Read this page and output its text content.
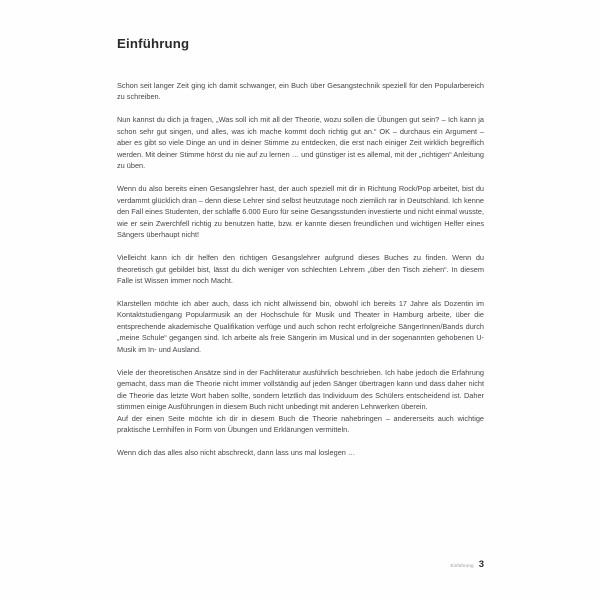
Einführung

Schon seit langer Zeit ging ich damit schwanger, ein Buch über Gesangstechnik speziell für den Popularbereich zu schreiben.

Nun kannst du dich ja fragen, „Was soll ich mit all der Theorie, wozu sollen die Übungen gut sein? – Ich kann ja schon sehr gut singen, und alles, was ich mache kommt doch richtig gut an.“ OK – durchaus ein Argument – aber es gibt so viele Dinge an und in deiner Stimme zu entdecken, die erst nach einiger Zeit wirklich begreiflich werden. Mit deiner Stimme hörst du nie auf zu lernen … und günstiger ist es allemal, mit der „richtigen“ Anleitung zu üben.

Wenn du also bereits einen Gesangslehrer hast, der auch speziell mit dir in Richtung Rock/Pop arbeitet, bist du verdammt glücklich dran – denn diese Lehrer sind selbst heutzutage noch ziemlich rar in Deutschland. Ich kenne den Fall eines Studenten, der schlaffe 6.000 Euro für seine Gesangsstunden investierte und nicht einmal wusste, wie er sein Zwerchfell richtig zu benutzen hatte, bzw. er kannte diesen freundlichen und wichtigen Helfer eines Sängers überhaupt nicht!

Vielleicht kann ich dir helfen den richtigen Gesangslehrer aufgrund dieses Buches zu finden. Wenn du theoretisch gut gebildet bist, lässt du dich weniger von schlechten Lehrern „über den Tisch ziehen“. In diesem Falle ist Wissen immer noch Macht.

Klarstellen möchte ich aber auch, dass ich nicht allwissend bin, obwohl ich bereits 17 Jahre als Dozentin im Kontaktstudiengang Popularmusik an der Hochschule für Musik und Theater in Hamburg arbeite, über die entsprechende akademische Qualifikation verfüge und auch schon recht erfolgreiche SängerInnen/Bands durch „meine Schule“ gegangen sind. Ich arbeite als freie Sängerin im Musical und in der sogenannten gehobenen U-Musik im In- und Ausland.

Viele der theoretischen Ansätze sind in der Fachliteratur ausführlich beschrieben. Ich habe jedoch die Erfahrung gemacht, dass man die Theorie nicht immer vollständig auf jeden Sänger übertragen kann und dass daher nicht die Theorie das letzte Wort haben sollte, sondern letztlich das Individuum des Schülers entscheidend ist. Daher stimmen einige Ausführungen in diesem Buch nicht unbedingt mit anderen Lehrwerken überein.

Auf der einen Seite möchte ich dir in diesem Buch die Theorie nahebringen – andererseits auch wichtige praktische Lernhilfen in Form von Übungen und Erklärungen vermitteln.

Wenn dich das alles also nicht abschreckt, dann lass uns mal loslegen …

Einführung 3
